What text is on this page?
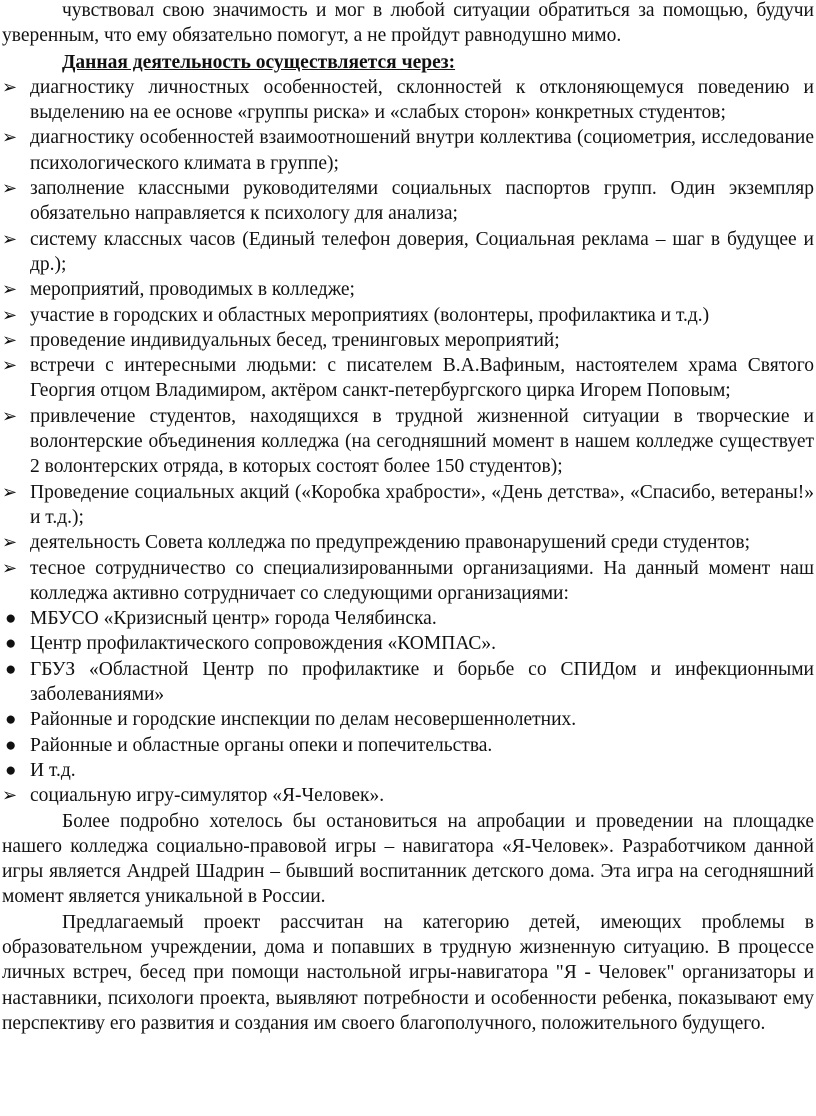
чувствовал свою значимость и мог в любой ситуации обратиться за помощью, будучи уверенным, что ему обязательно помогут, а не пройдут равнодушно мимо.

Данная деятельность осуществляется через:

➢ диагностику личностных особенностей, склонностей к отклоняющемуся поведению и выделению на ее основе «группы риска» и «слабых сторон» конкретных студентов;
➢ диагностику особенностей взаимоотношений внутри коллектива (социометрия, исследование психологического климата в группе);
➢ заполнение классными руководителями социальных паспортов групп. Один экземпляр обязательно направляется к психологу для анализа;
➢ систему классных часов (Единый телефон доверия, Социальная реклама – шаг в будущее и др.);
➢ мероприятий, проводимых в колледже;
➢ участие в городских и областных мероприятиях (волонтеры, профилактика и т.д.)
➢ проведение индивидуальных бесед, тренинговых мероприятий;
➢ встречи с интересными людьми: с писателем В.А.Вафиным, настоятелем храма Святого Георгия отцом Владимиром, актёром санкт-петербургского цирка Игорем Поповым;
➢ привлечение студентов, находящихся в трудной жизненной ситуации в творческие и волонтерские объединения колледжа (на сегодняшний момент в нашем колледже существует 2 волонтерских отряда, в которых состоят более 150 студентов);
➢ Проведение социальных акций («Коробка храбрости», «День детства», «Спасибо, ветераны!» и т.д.);
➢ деятельность Совета колледжа по предупреждению правонарушений среди студентов;
➢ тесное сотрудничество со специализированными организациями. На данный момент наш колледжа активно сотрудничает со следующими организациями:
● МБУСО «Кризисный центр» города Челябинска.
● Центр профилактического сопровождения «КОМПАС».
● ГБУЗ «Областной Центр по профилактике и борьбе со СПИДом и инфекционными заболеваниями»
● Районные и городские инспекции по делам несовершеннолетних.
● Районные и областные органы опеки и попечительства.
● И т.д.
➢ социальную игру-симулятор «Я-Человек».

Более подробно хотелось бы остановиться на апробации и проведении на площадке нашего колледжа социально-правовой игры – навигатора «Я-Человек». Разработчиком данной игры является Андрей Шадрин – бывший воспитанник детского дома. Эта игра на сегодняшний момент является уникальной в России.

Предлагаемый проект рассчитан на категорию детей, имеющих проблемы в образовательном учреждении, дома и попавших в трудную жизненную ситуацию. В процессе личных встреч, бесед при помощи настольной игры-навигатора "Я - Человек" организаторы и наставники, психологи проекта, выявляют потребности и особенности ребенка, показывают ему перспективу его развития и создания им своего благополучного, положительного будущего.
